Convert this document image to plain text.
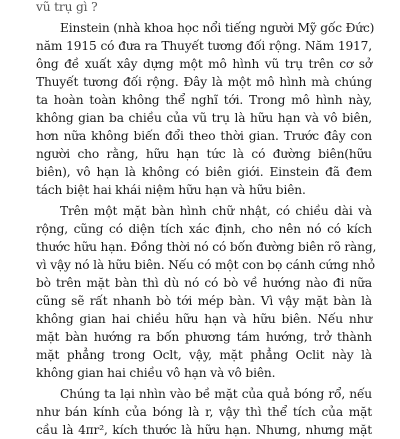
vũ trụ gì ?
Einstein (nhà khoa học nổi tiếng người Mỹ gốc Đức)
năm 1915 có đưa ra Thuyết tương đối rộng. Năm 1917,
ông đề xuất xây dựng một mô hình vũ trụ trên cơ sở
Thuyết tương đối rộng. Đây là một mô hình mà chúng
ta hoàn toàn không thể nghĩ tới. Trong mô hình này,
không gian ba chiều của vũ trụ là hữu hạn và vô biên,
hơn nữa không biến đổi theo thời gian. Trước đây con
người cho rằng, hữu hạn tức là có đường biên(hữu
biên), vô hạn là không có biên giới. Einstein đã đem
tách biệt hai khái niệm hữu hạn và hữu biên.
Trên một mặt bàn hình chữ nhật, có chiều dài và
rộng, cũng có diện tích xác định, cho nên nó có kích
thước hữu hạn. Đồng thời nó có bốn đường biên rõ ràng,
vì vậy nó là hữu biên. Nếu có một con bọ cánh cứng nhỏ
bò trên mặt bàn thì dù nó có bò về hướng nào đi nữa
cũng sẽ rất nhanh bò tới mép bàn. Vì vậy mặt bàn là
không gian hai chiều hữu hạn và hữu biên. Nếu như
mặt bàn hướng ra bốn phương tám hướng, trở thành
mặt phẳng trong Oclt, vậy, mặt phẳng Oclit này là
không gian hai chiều vô hạn và vô biên.
Chúng ta lại nhìn vào bề mặt của quả bóng rổ, nếu
như bán kính của bóng là r, vậy thì thể tích của mặt
cầu là 4πr², kích thước là hữu hạn. Nhưng, nhưng mặt
